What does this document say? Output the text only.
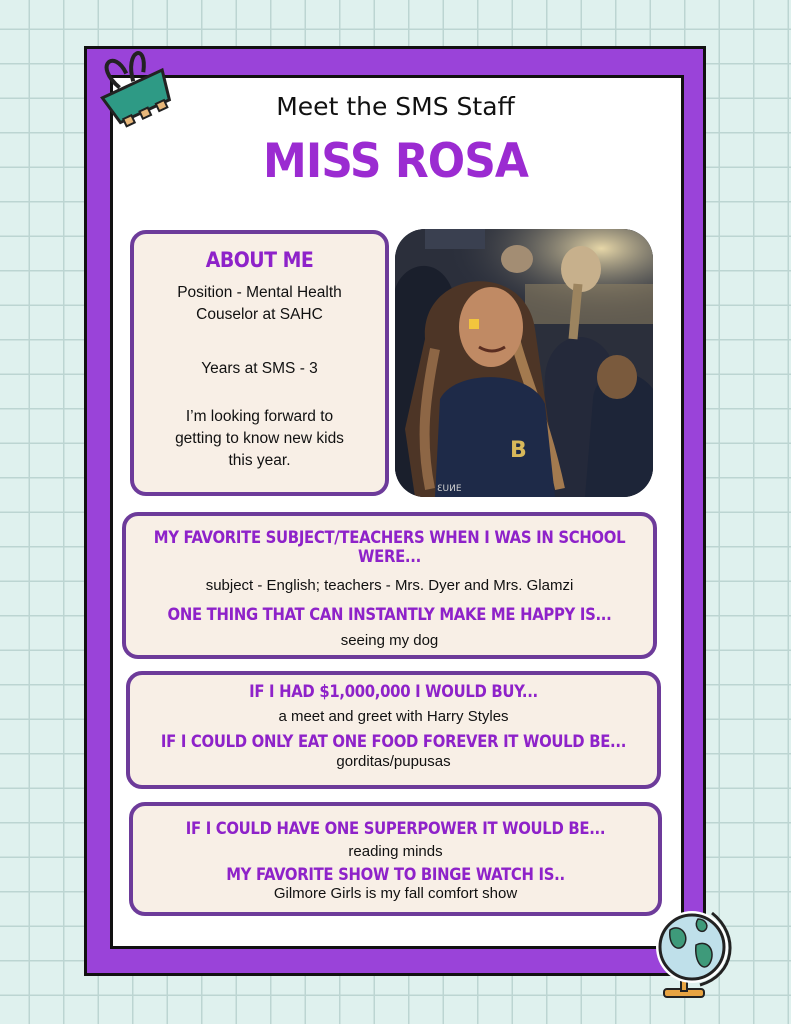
Meet the SMS Staff
MISS ROSA
ABOUT ME
Position - Mental Health
Couselor at SAHC
Years at SMS - 3
I’m looking forward to
getting to know new kids
this year.	B
ƐUИE
MY FAVORITE SUBJECT/TEACHERS WHEN I WAS IN SCHOOL WERE...
subject - English; teachers - Mrs. Dyer and Mrs. Glamzi
ONE THING THAT CAN INSTANTLY MAKE ME HAPPY IS...
seeing my dog
IF I HAD $1,000,000 I WOULD BUY...
a meet and greet with Harry Styles
IF I COULD ONLY EAT ONE FOOD FOREVER IT WOULD BE...
gorditas/pupusas
IF I COULD HAVE ONE SUPERPOWER IT WOULD BE...
reading minds
MY FAVORITE SHOW TO BINGE WATCH IS..
Gilmore Girls is my fall comfort show
